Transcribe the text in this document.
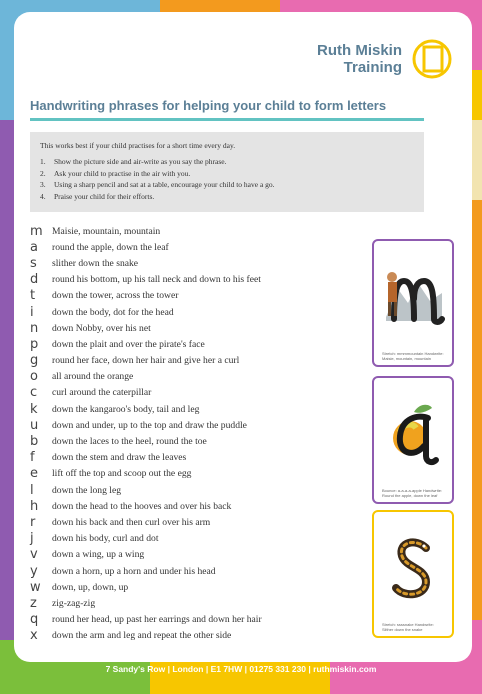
Ruth Miskin
Training
Handwriting phrases for helping your child to form letters

This works best if your child practises for a short time every day.

1.	Show the picture side and air-write as you say the phrase.
2.	Ask your child to practise in the air with you.
3.	Using a sharp pencil and sat at a table, encourage your child to have a go.
4.	Praise your child for their efforts.
m Maisie, mountain, mountain
a	round the apple, down the leaf
s	slither down the snake
d	round his bottom, up his tall neck and down to his feet
t	down the tower, across the tower
i	down the body, dot for the head
n	down Nobby, over his net
p	down the plait and over the pirate's face
g	round her face, down her hair and give her a curl
o	all around the orange
c	curl around the caterpillar
k	down the kangaroo's body, tail and leg
u	down and under, up to the top and draw the puddle
b	down the laces to the heel, round the toe
f	down the stem and draw the leaves
e	lift off the top and scoop out the egg
l	down the long leg
h	down the head to the hooves and over his back
r	down his back and then curl over his arm
j	down his body, curl and dot
v	down a wing, up a wing
y	down a horn, up a horn and under his head
w	down, up, down, up
z	zig-zag-zig
q	round her head, up past her earrings and down her hair
x	down the arm and leg and repeat the other side
Stretch: mmmmountain Handwrite: Maisie, mountain, mountain
Bounce: a-a-a-a-apple Handwrite: Round the apple, down the leaf
Stretch: ssssnake Handwrite: Slither down the snake
7 Sandy's Row | London | E1 7HW | 01275 331 230 | ruthmiskin.com
